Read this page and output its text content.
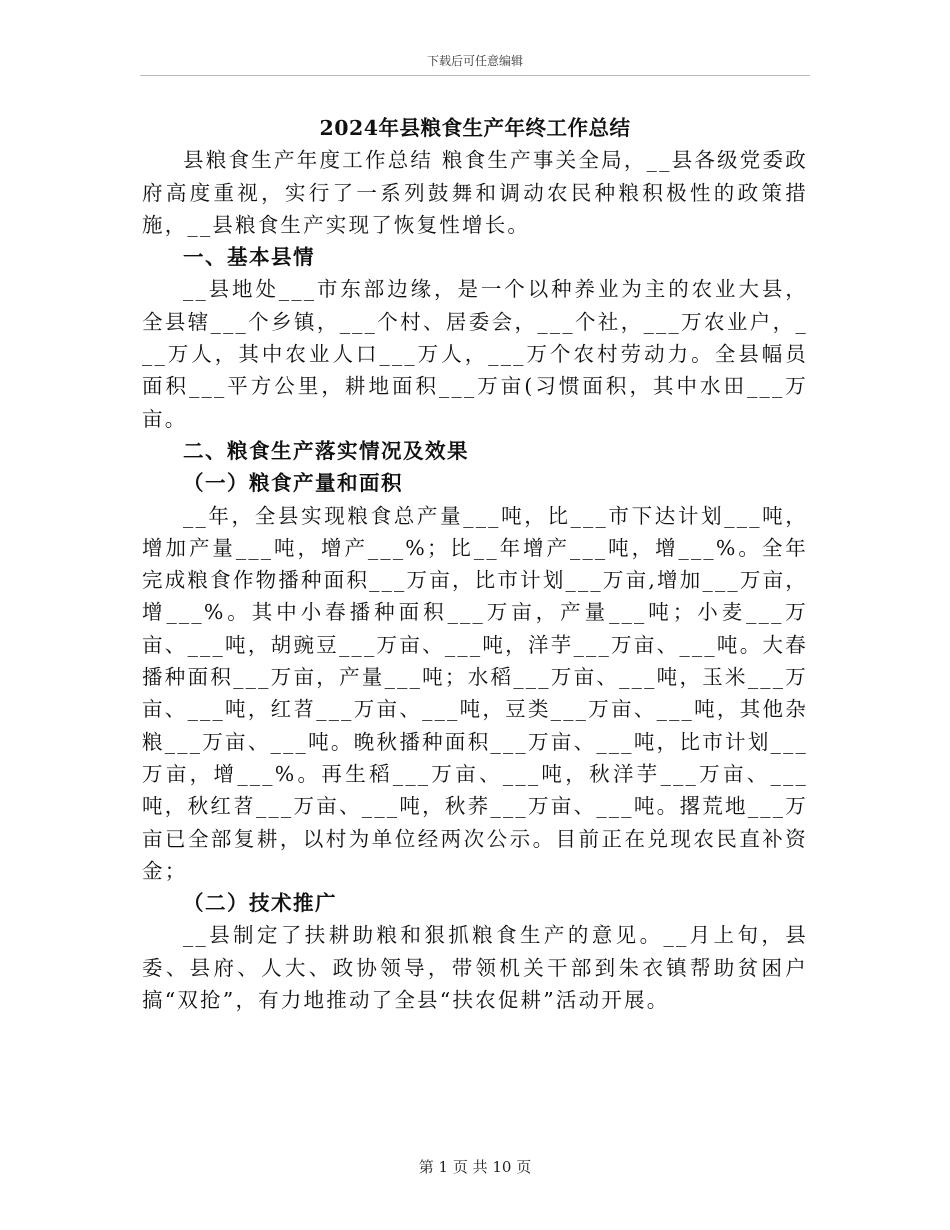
下载后可任意编辑
2024年县粮食生产年终工作总结

县粮食生产年度工作总结 粮食生产事关全局，__县各级党委政府高度重视，实行了一系列鼓舞和调动农民种粮积极性的政策措施，__县粮食生产实现了恢复性增长。

一、基本县情

__县地处___市东部边缘，是一个以种养业为主的农业大县，全县辖___个乡镇，___个村、居委会，___个社，___万农业户，___万人，其中农业人口___万人，___万个农村劳动力。全县幅员面积___平方公里，耕地面积___万亩(习惯面积，其中水田___万亩。

二、粮食生产落实情况及效果

（一）粮食产量和面积

__年，全县实现粮食总产量___吨，比___市下达计划___吨，增加产量___吨，增产___%；比__年增产___吨，增___%。全年完成粮食作物播种面积___万亩，比市计划___万亩,增加___万亩，增___%。其中小春播种面积___万亩，产量___吨；小麦___万亩、___吨，胡豌豆___万亩、___吨，洋芋___万亩、___吨。大春播种面积___万亩，产量___吨；水稻___万亩、___吨，玉米___万亩、___吨，红苕___万亩、___吨，豆类___万亩、___吨，其他杂粮___万亩、___吨。晚秋播种面积___万亩、___吨，比市计划___万亩，增___%。再生稻___万亩、___吨，秋洋芋___万亩、___吨，秋红苕___万亩、___吨，秋荞___万亩、___吨。撂荒地___万亩已全部复耕，以村为单位经两次公示。目前正在兑现农民直补资金；

（二）技术推广

__县制定了扶耕助粮和狠抓粮食生产的意见。__月上旬，县委、县府、人大、政协领导，带领机关干部到朱衣镇帮助贫困户搞“双抢”，有力地推动了全县“扶农促耕”活动开展。

第 1 页 共 10 页
